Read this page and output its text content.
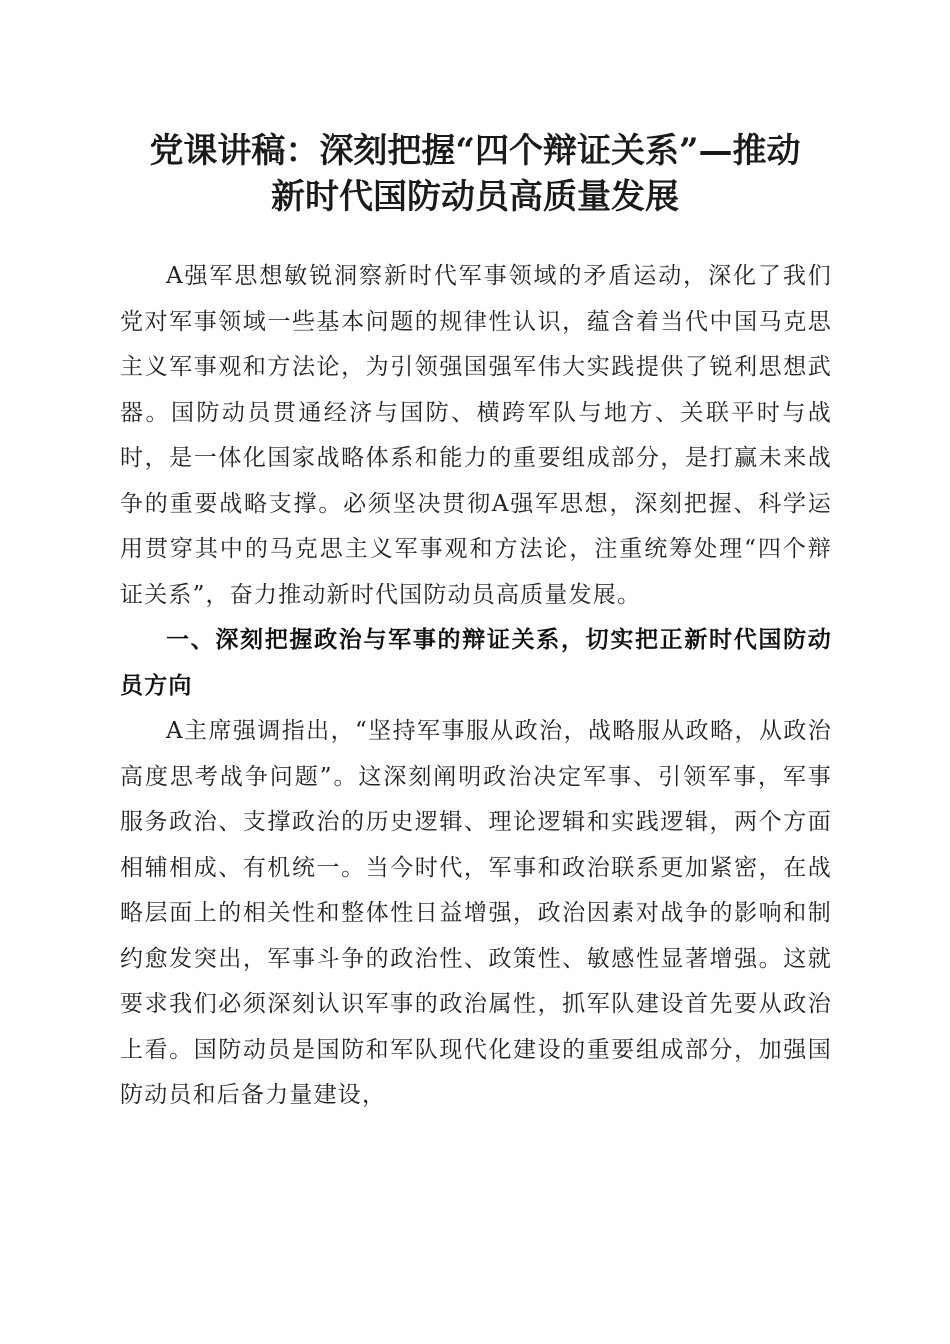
党课讲稿：深刻把握“四个辩证关系”—推动
新时代国防动员高质量发展

A强军思想敏锐洞察新时代军事领域的矛盾运动，深化了我们党对军事领域一些基本问题的规律性认识，蕴含着当代中国马克思主义军事观和方法论，为引领强国强军伟大实践提供了锐利思想武器。国防动员贯通经济与国防、横跨军队与地方、关联平时与战时，是一体化国家战略体系和能力的重要组成部分，是打赢未来战争的重要战略支撑。必须坚决贯彻A强军思想，深刻把握、科学运用贯穿其中的马克思主义军事观和方法论，注重统筹处理“四个辩证关系”，奋力推动新时代国防动员高质量发展。

一、深刻把握政治与军事的辩证关系，切实把正新时代国防动员方向

A主席强调指出，“坚持军事服从政治，战略服从政略，从政治高度思考战争问题”。这深刻阐明政治决定军事、引领军事，军事服务政治、支撑政治的历史逻辑、理论逻辑和实践逻辑，两个方面相辅相成、有机统一。当今时代，军事和政治联系更加紧密，在战略层面上的相关性和整体性日益增强，政治因素对战争的影响和制约愈发突出，军事斗争的政治性、政策性、敏感性显著增强。这就要求我们必须深刻认识军事的政治属性，抓军队建设首先要从政治上看。国防动员是国防和军队现代化建设的重要组成部分，加强国防动员和后备力量建设，
